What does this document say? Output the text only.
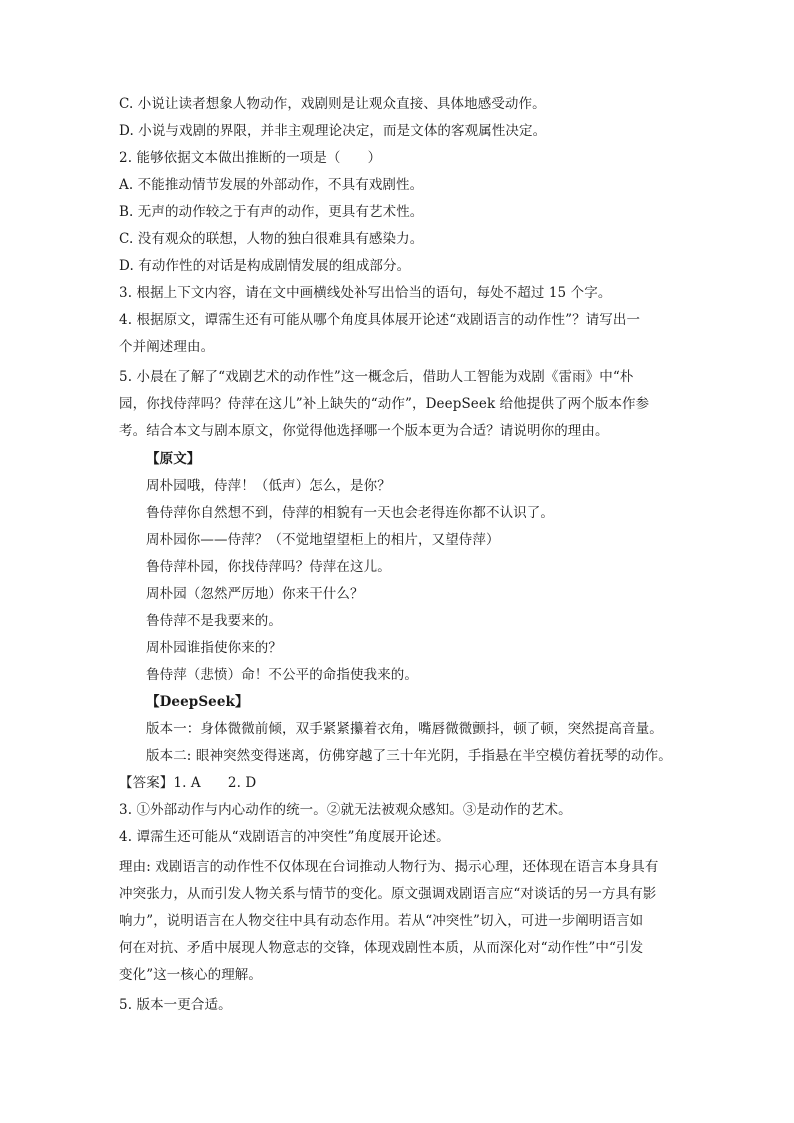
C. 小说让读者想象人物动作，戏剧则是让观众直接、具体地感受动作。
D. 小说与戏剧的界限，并非主观理论决定，而是文体的客观属性决定。
2. 能够依据文本做出推断的一项是（　　）
A. 不能推动情节发展的外部动作，不具有戏剧性。
B. 无声的动作较之于有声的动作，更具有艺术性。
C. 没有观众的联想，人物的独白很难具有感染力。
D. 有动作性的对话是构成剧情发展的组成部分。
3. 根据上下文内容，请在文中画横线处补写出恰当的语句，每处不超过 15 个字。
4. 根据原文，谭霈生还有可能从哪个角度具体展开论述“戏剧语言的动作性”？请写出一
个并阐述理由。
5. 小晨在了解了“戏剧艺术的动作性”这一概念后，借助人工智能为戏剧《雷雨》中“朴
园，你找侍萍吗？侍萍在这儿”补上缺失的“动作”，DeepSeek 给他提供了两个版本作参
考。结合本文与剧本原文，你觉得他选择哪一个版本更为合适？请说明你的理由。
【原文】
周朴园哦，侍萍！（低声）怎么，是你？
鲁侍萍你自然想不到，侍萍的相貌有一天也会老得连你都不认识了。
周朴园你——侍萍？（不觉地望望柜上的相片，又望侍萍）
鲁侍萍朴园，你找侍萍吗？侍萍在这儿。
周朴园（忽然严厉地）你来干什么？
鲁侍萍不是我要来的。
周朴园谁指使你来的？
鲁侍萍（悲愤）命！不公平的命指使我来的。
【DeepSeek】
版本一：身体微微前倾，双手紧紧攥着衣角，嘴唇微微颤抖，顿了顿，突然提高音量。
版本二: 眼神突然变得迷离，仿佛穿越了三十年光阴，手指悬在半空模仿着抚琴的动作。
【答案】1. A　　2. D
3. ①外部动作与内心动作的统一。②就无法被观众感知。③是动作的艺术。
4. 谭霈生还可能从“戏剧语言的冲突性”角度展开论述。
理由: 戏剧语言的动作性不仅体现在台词推动人物行为、揭示心理，还体现在语言本身具有
冲突张力，从而引发人物关系与情节的变化。原文强调戏剧语言应“对谈话的另一方具有影
响力”，说明语言在人物交往中具有动态作用。若从“冲突性”切入，可进一步阐明语言如
何在对抗、矛盾中展现人物意志的交锋，体现戏剧性本质，从而深化对“动作性”中“引发
变化”这一核心的理解。
5. 版本一更合适。
